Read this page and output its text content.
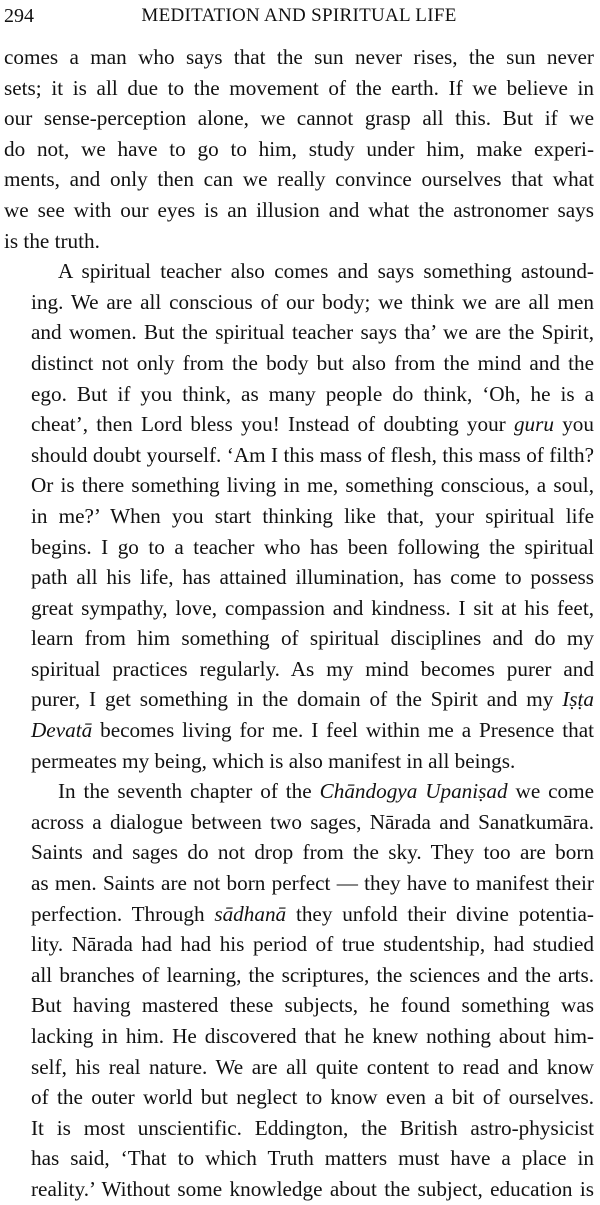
294	MEDITATION AND SPIRITUAL LIFE

comes a man who says that the sun never rises, the sun never
sets; it is all due to the movement of the earth. If we believe in
our sense-perception alone, we cannot grasp all this. But if we
do not, we have to go to him, study under him, make experi-
ments, and only then can we really convince ourselves that what
we see with our eyes is an illusion and what the astronomer says
is the truth.

A spiritual teacher also comes and says something astound-
ing. We are all conscious of our body; we think we are all men
and women. But the spiritual teacher says tha’ we are the Spirit,
distinct not only from the body but also from the mind and the
ego. But if you think, as many people do think, ‘Oh, he is a
cheat’, then Lord bless you! Instead of doubting your guru you
should doubt yourself. ‘Am I this mass of flesh, this mass of filth?
Or is there something living in me, something conscious, a soul,
in me?’ When you start thinking like that, your spiritual life
begins. I go to a teacher who has been following the spiritual
path all his life, has attained illumination, has come to possess
great sympathy, love, compassion and kindness. I sit at his feet,
learn from him something of spiritual disciplines and do my
spiritual practices regularly. As my mind becomes purer and
purer, I get something in the domain of the Spirit and my Iṣṭa
Devatā becomes living for me. I feel within me a Presence that
permeates my being, which is also manifest in all beings.

In the seventh chapter of the Chāndogya Upaniṣad we come
across a dialogue between two sages, Nārada and Sanatkumāra.
Saints and sages do not drop from the sky. They too are born
as men. Saints are not born perfect — they have to manifest their
perfection. Through sādhanā they unfold their divine potentia-
lity. Nārada had had his period of true studentship, had studied
all branches of learning, the scriptures, the sciences and the arts.
But having mastered these subjects, he found something was
lacking in him. He discovered that he knew nothing about him-
self, his real nature. We are all quite content to read and know
of the outer world but neglect to know even a bit of ourselves.
It is most unscientific. Eddington, the British astro-physicist
has said, ‘That to which Truth matters must have a place in
reality.’ Without some knowledge about the subject, education is
